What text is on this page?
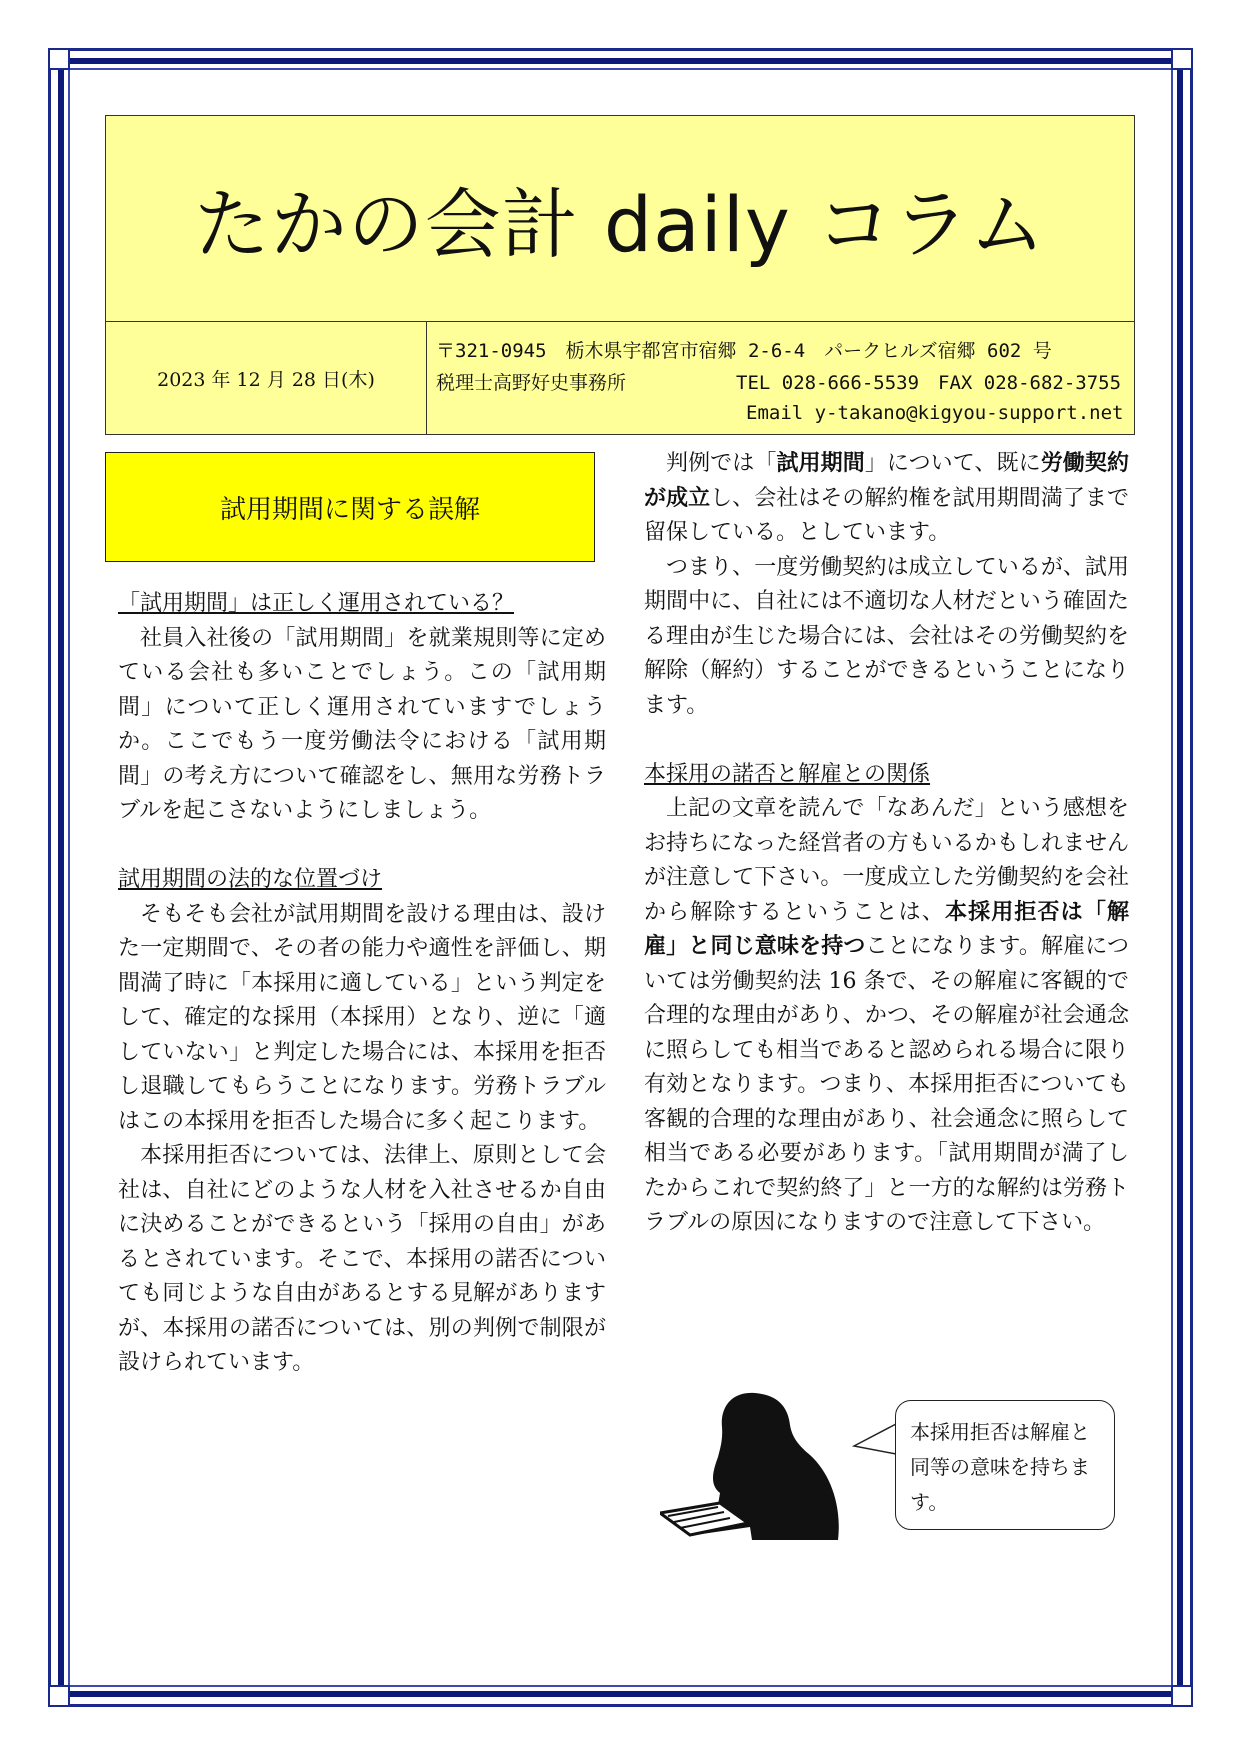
たかの会計 daily コラム
2023 年 12 月 28 日(木)
〒321-0945　栃木県宇都宮市宿郷 2-6-4　パークヒルズ宿郷 602 号
税理士高野好史事務所	TEL 028-666-5539　FAX 028-682-3755
Email y-takano@kigyou-support.net
試用期間に関する誤解
「試用期間」は正しく運用されている？

社員入社後の「試用期間」を就業規則等に定めている会社も多いことでしょう。この「試用期間」について正しく運用されていますでしょうか。ここでもう一度労働法令における「試用期間」の考え方について確認をし、無用な労務トラブルを起こさないようにしましょう。

試用期間の法的な位置づけ

そもそも会社が試用期間を設ける理由は、設けた一定期間で、その者の能力や適性を評価し、期間満了時に「本採用に適している」という判定をして、確定的な採用（本採用）となり、逆に「適していない」と判定した場合には、本採用を拒否し退職してもらうことになります。労務トラブルはこの本採用を拒否した場合に多く起こります。

本採用拒否については、法律上、原則として会社は、自社にどのような人材を入社させるか自由に決めることができるという「採用の自由」があるとされています。そこで、本採用の諾否についても同じような自由があるとする見解がありますが、本採用の諾否については、別の判例で制限が設けられています。

判例では「試用期間」について、既に労働契約が成立し、会社はその解約権を試用期間満了まで留保している。としています。

つまり、一度労働契約は成立しているが、試用期間中に、自社には不適切な人材だという確固たる理由が生じた場合には、会社はその労働契約を解除（解約）することができるということになります。

本採用の諾否と解雇との関係

上記の文章を読んで「なあんだ」という感想をお持ちになった経営者の方もいるかもしれませんが注意して下さい。一度成立した労働契約を会社から解除するということは、本採用拒否は「解雇」と同じ意味を持つことになります。解雇については労働契約法 16 条で、その解雇に客観的で合理的な理由があり、かつ、その解雇が社会通念に照らしても相当であると認められる場合に限り有効となります。つまり、本採用拒否についても客観的合理的な理由があり、社会通念に照らして相当である必要があります。「試用期間が満了したからこれで契約終了」と一方的な解約は労務トラブルの原因になりますので注意して下さい。

本採用拒否は解雇と同等の意味を持ちます。
